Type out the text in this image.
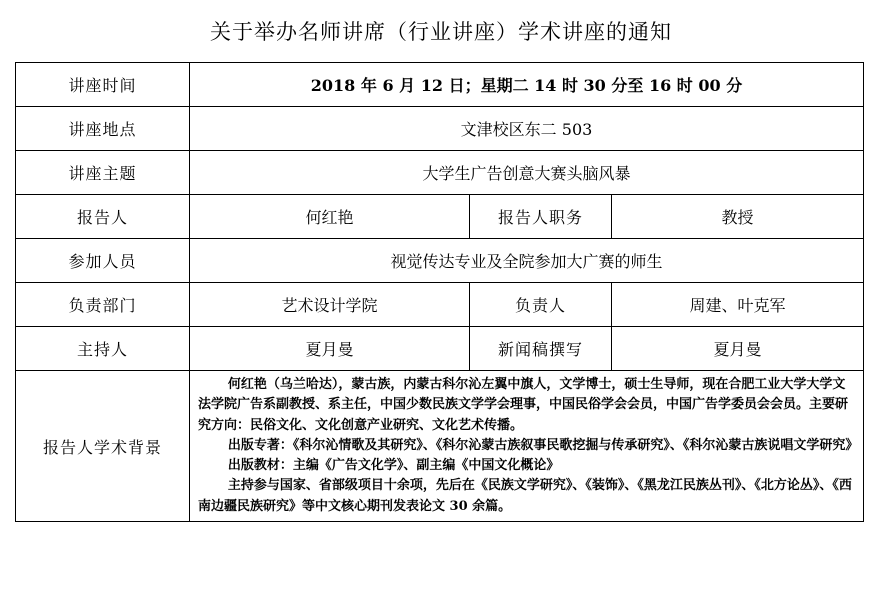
关于举办名师讲席（行业讲座）学术讲座的通知
讲座时间	2018 年 6 月 12 日；星期二 14 时 30 分至 16 时 00 分		
讲座地点	文津校区东二 503		
讲座主题	大学生广告创意大赛头脑风暴		
报告人	何红艳	报告人职务	教授
参加人员	视觉传达专业及全院参加大广赛的师生		
负责部门	艺术设计学院	负责人	周建、叶克军
主持人	夏月曼	新闻稿撰写	夏月曼
报告人学术背景	何红艳（乌兰哈达），蒙古族，内蒙古科尔沁左翼中旗人，文学博士，硕士生导师，现在合肥工业大学大学文法学院广告系副教授、系主任，中国少数民族文学学会理事，中国民俗学会会员，中国广告学委员会会员。主要研究方向：民俗文化、文化创意产业研究、文化艺术传播。

出版专著：《科尔沁情歌及其研究》、《科尔沁蒙古族叙事民歌挖掘与传承研究》、《科尔沁蒙古族说唱文学研究》

出版教材：主编《广告文化学》、副主编《中国文化概论》

主持参与国家、省部级项目十余项，先后在《民族文学研究》、《装饰》、《黑龙江民族丛刊》、《北方论丛》、《西南边疆民族研究》等中文核心期刊发表论文 30 余篇。		
